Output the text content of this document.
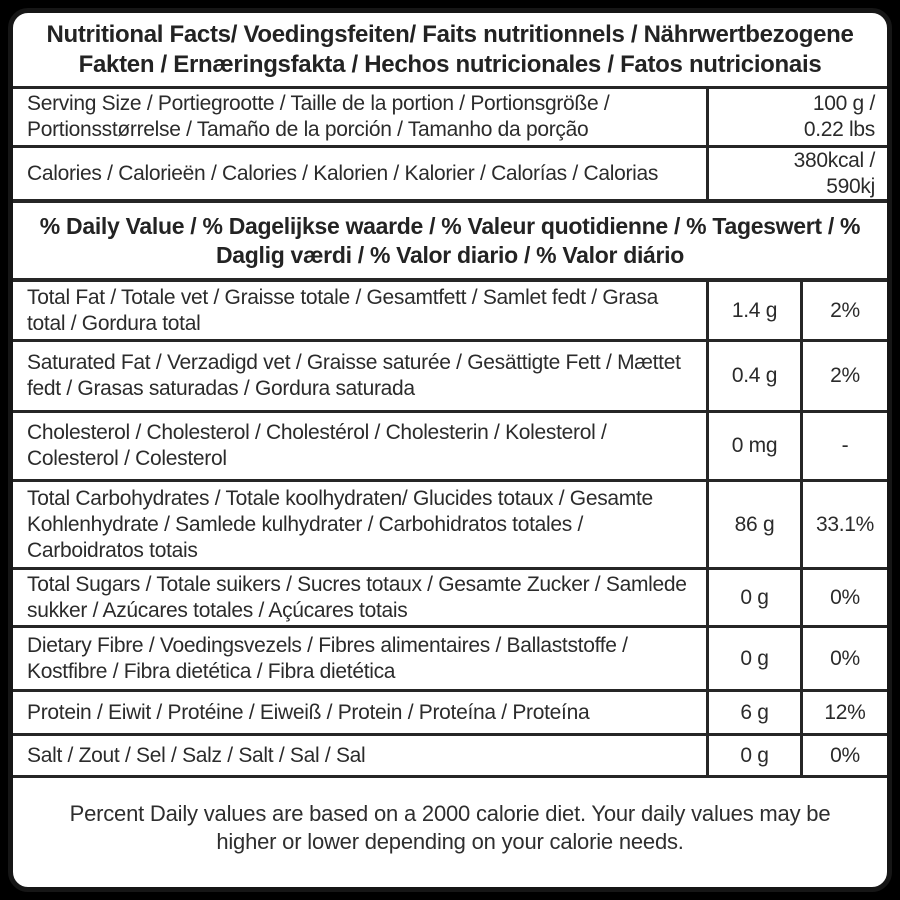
Nutritional Facts/ Voedingsfeiten/ Faits nutritionnels / Nährwertbezogene Fakten / Ernæringsfakta / Hechos nutricionales / Fatos nutricionais
Serving Size / Portiegrootte / Taille de la portion / Portionsgröße / Portionsstørrelse / Tamaño de la porción / Tamanho da porção
100 g /
0.22 lbs
Calories / Calorieën / Calories / Kalorien / Kalorier / Calorías / Calorias
380kcal /
590kj
% Daily Value / % Dagelijkse waarde / % Valeur quotidienne / % Tageswert / % Daglig værdi / % Valor diario / % Valor diário
Total Fat / Totale vet / Graisse totale / Gesamtfett / Samlet fedt / Grasa total / Gordura total
1.4 g	2%
Saturated Fat / Verzadigd vet / Graisse saturée / Gesättigte Fett / Mættet fedt / Grasas saturadas / Gordura saturada
0.4 g	2%
Cholesterol / Cholesterol / Cholestérol / Cholesterin / Kolesterol / Colesterol / Colesterol
0 mg	-
Total Carbohydrates / Totale koolhydraten/ Glucides totaux / Gesamte Kohlenhydrate / Samlede kulhydrater / Carbohidratos totales / Carboidratos totais
86 g	33.1%
Total Sugars / Totale suikers / Sucres totaux / Gesamte Zucker / Samlede sukker / Azúcares totales / Açúcares totais
0 g	0%
Dietary Fibre / Voedingsvezels / Fibres alimentaires / Ballaststoffe / Kostfibre / Fibra dietética / Fibra dietética
0 g	0%
Protein / Eiwit / Protéine / Eiweiß / Protein / Proteína / Proteína	6 g	12%
Salt / Zout / Sel / Salz / Salt / Sal / Sal	0 g	0%
Percent Daily values are based on a 2000 calorie diet. Your daily values may be higher or lower depending on your calorie needs.
